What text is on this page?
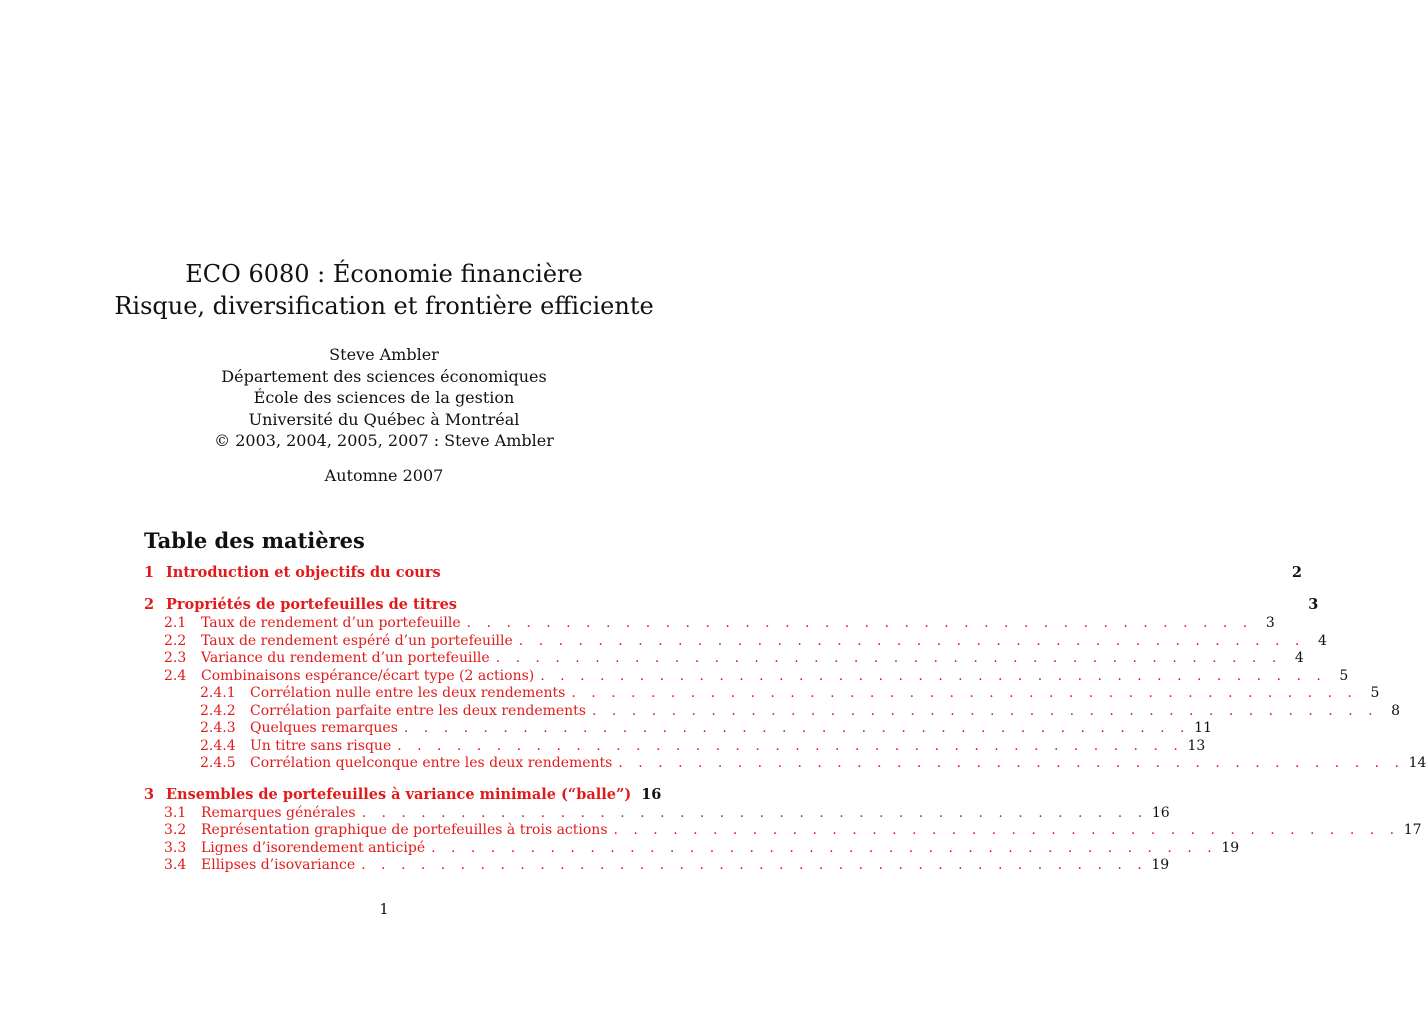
ECO 6080 : Économie financière
Risque, diversification et frontière efficiente
Steve Ambler
Département des sciences économiques
École des sciences de la gestion
Université du Québec à Montréal
© 2003, 2004, 2005, 2007 : Steve Ambler
Automne 2007
Table des matières
1 Introduction et objectifs du cours	2
2 Propriétés de portefeuilles de titres	3
2.1	Taux de rendement d’un portefeuille . . . . . . . . . . . . . . . . . . . . . . . . . . . . . . . . . . . . . . . . 3
2.2	Taux de rendement espéré d’un portefeuille . . . . . . . . . . . . . . . . . . . . . . . . . . . . . . . . . . . . . . . . 4
2.3	Variance du rendement d’un portefeuille . . . . . . . . . . . . . . . . . . . . . . . . . . . . . . . . . . . . . . . . 4
2.4	Combinaisons espérance/écart type (2 actions) . . . . . . . . . . . . . . . . . . . . . . . . . . . . . . . . . . . . . . . . 5
2.4.1	Corrélation nulle entre les deux rendements . . . . . . . . . . . . . . . . . . . . . . . . . . . . . . . . . . . . . . . . 5
2.4.2	Corrélation parfaite entre les deux rendements . . . . . . . . . . . . . . . . . . . . . . . . . . . . . . . . . . . . . . . . 8
2.4.3	Quelques remarques . . . . . . . . . . . . . . . . . . . . . . . . . . . . . . . . . . . . . . . . 11
2.4.4	Un titre sans risque . . . . . . . . . . . . . . . . . . . . . . . . . . . . . . . . . . . . . . . . 13
2.4.5	Corrélation quelconque entre les deux rendements . . . . . . . . . . . . . . . . . . . . . . . . . . . . . . . . . . . . . . . . 14
3 Ensembles de portefeuilles à variance minimale (“balle”) 16
3.1	Remarques générales . . . . . . . . . . . . . . . . . . . . . . . . . . . . . . . . . . . . . . . . 16
3.2	Représentation graphique de portefeuilles à trois actions . . . . . . . . . . . . . . . . . . . . . . . . . . . . . . . . . . . . . . . . 17
3.3	Lignes d’isorendement anticipé . . . . . . . . . . . . . . . . . . . . . . . . . . . . . . . . . . . . . . . . 19
3.4	Ellipses d’isovariance . . . . . . . . . . . . . . . . . . . . . . . . . . . . . . . . . . . . . . . . 19
1
